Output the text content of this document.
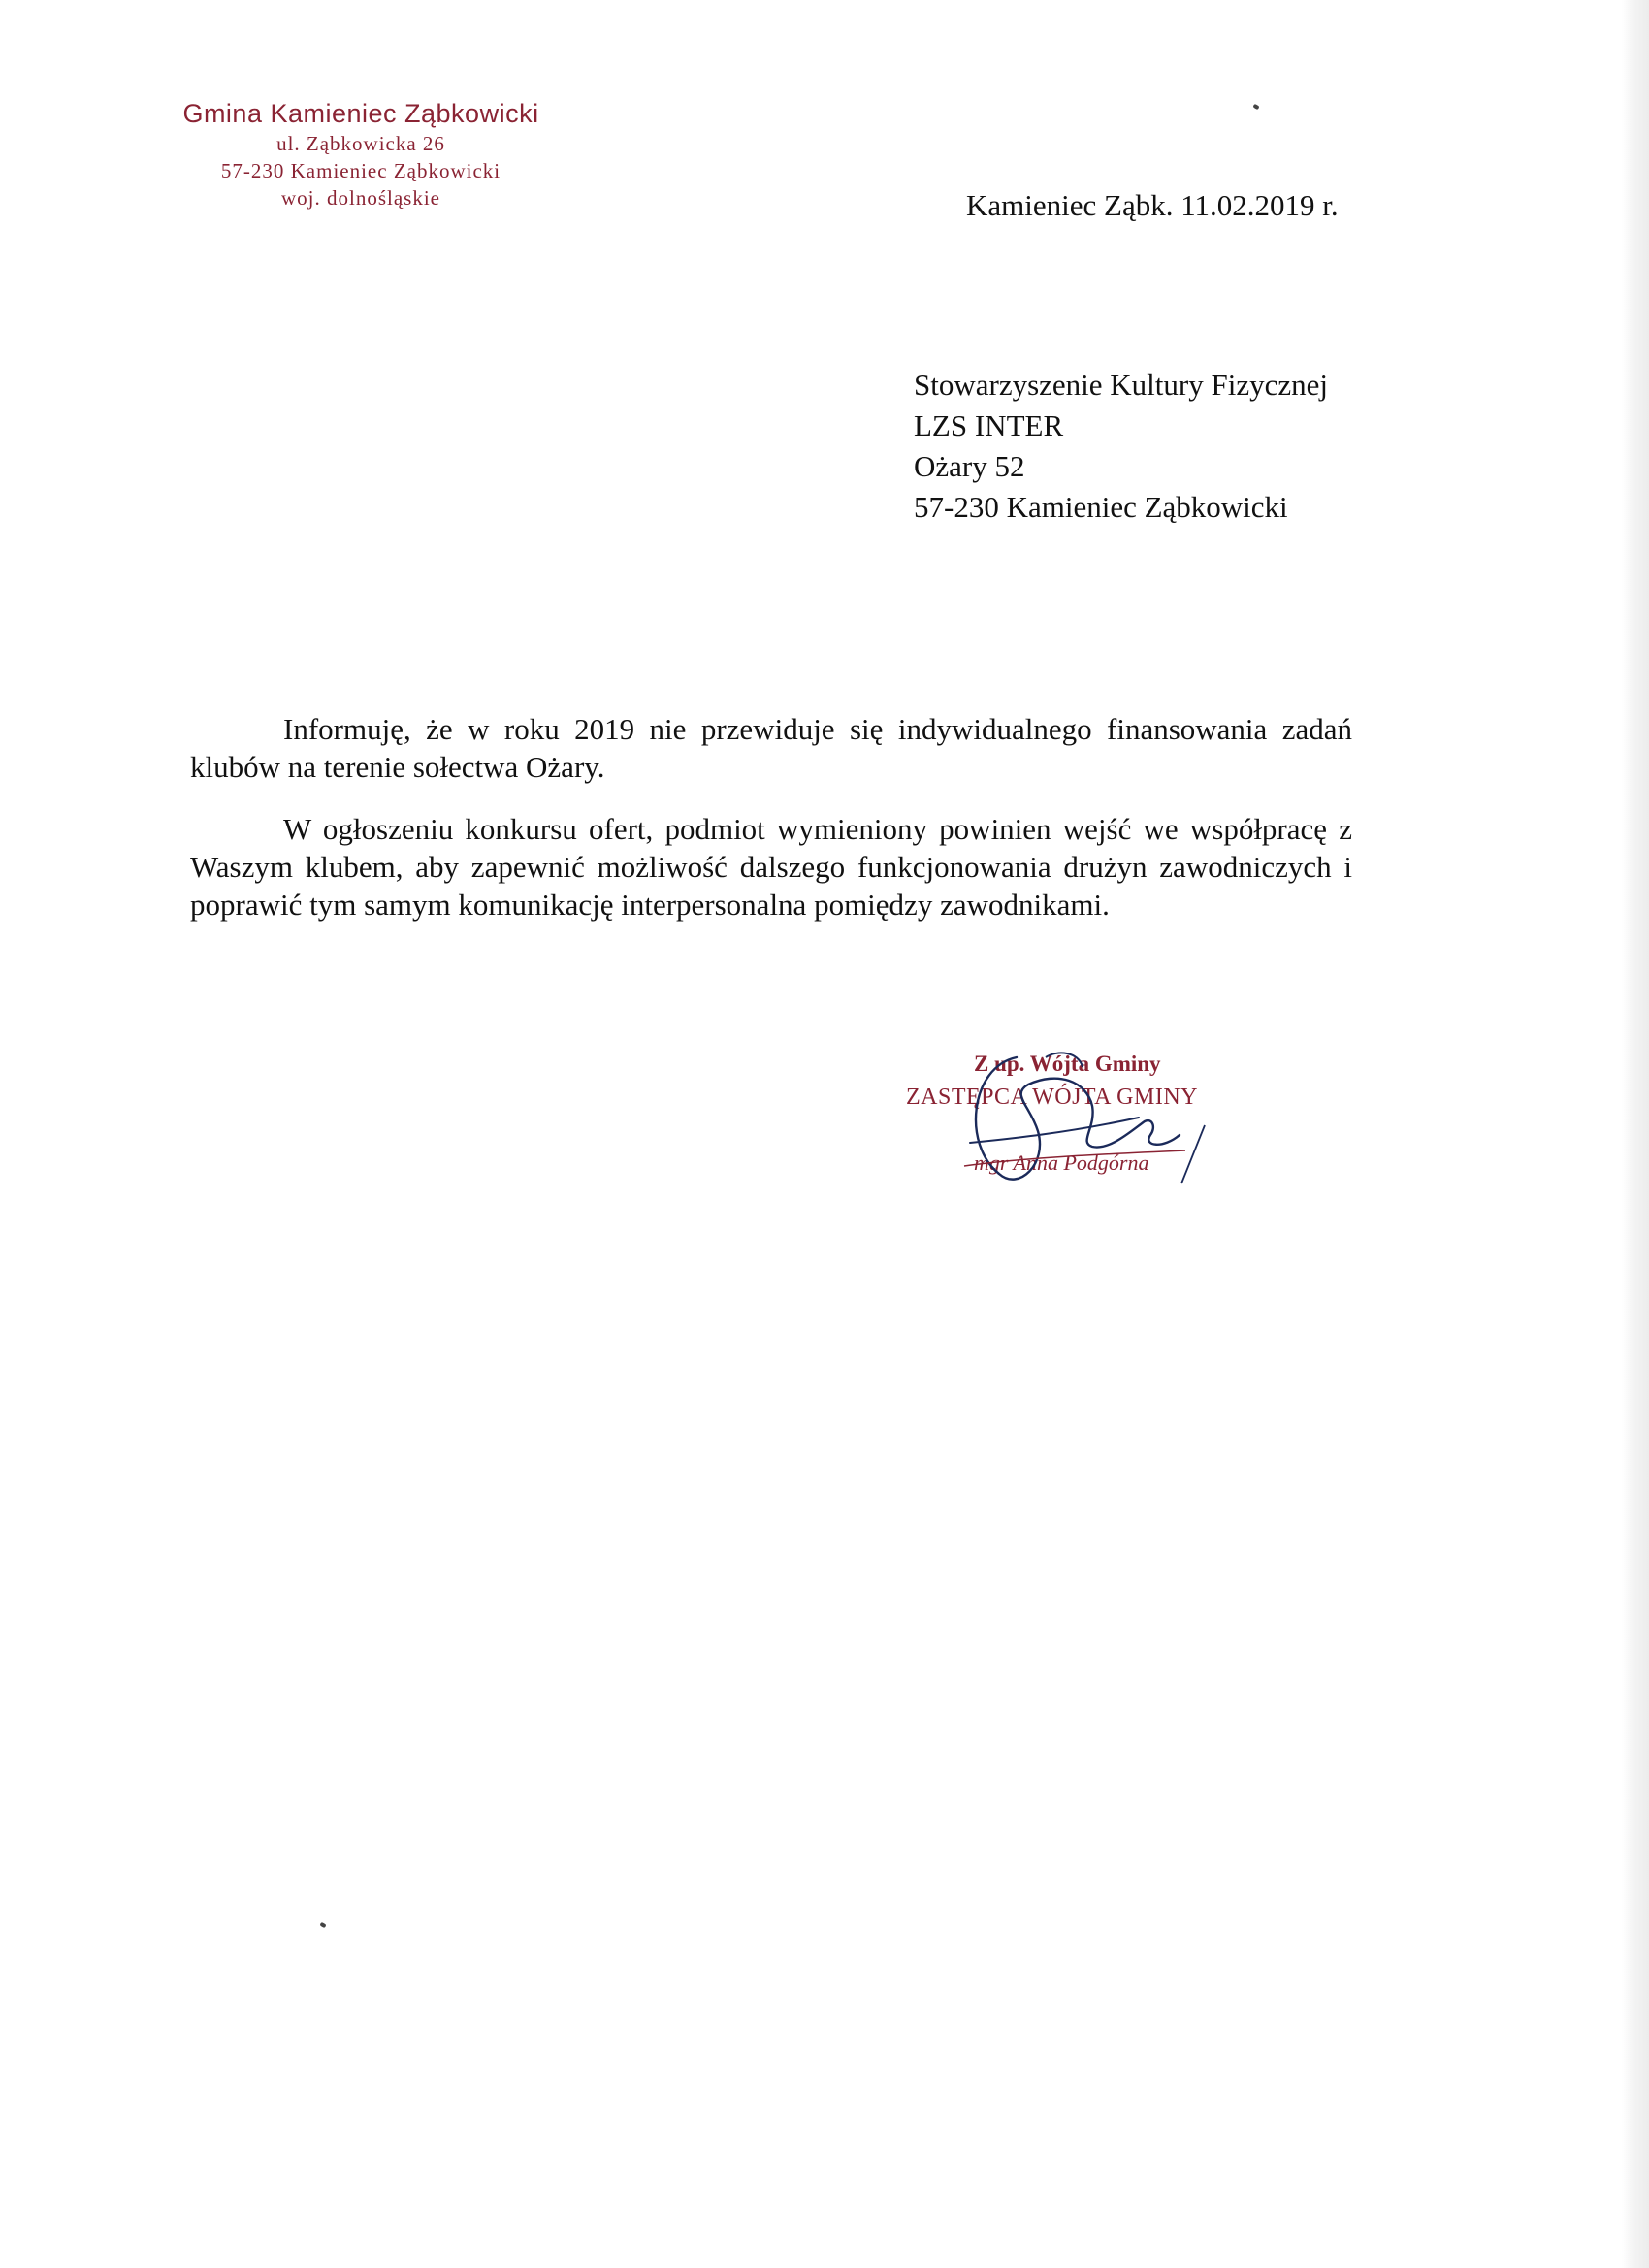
Gmina Kamieniec Ząbkowicki
ul. Ząbkowicka 26
57-230 Kamieniec Ząbkowicki
woj. dolnośląskie	Kamieniec Ząbk. 11.02.2019 r.
Stowarzyszenie Kultury Fizycznej
LZS INTER
Ożary 52
57-230 Kamieniec Ząbkowicki

Informuję, że w roku 2019 nie przewiduje się indywidualnego finansowania zadań klubów na terenie sołectwa Ożary.

W ogłoszeniu konkursu ofert, podmiot wymieniony powinien wejść we współpracę z Waszym klubem, aby zapewnić możliwość dalszego funkcjonowania drużyn zawodniczych i poprawić tym samym komunikację interpersonalna pomiędzy zawodnikami.

Z up. Wójta Gminy
ZASTĘPCA WÓJTA GMINY
mgr Anna Podgórna
